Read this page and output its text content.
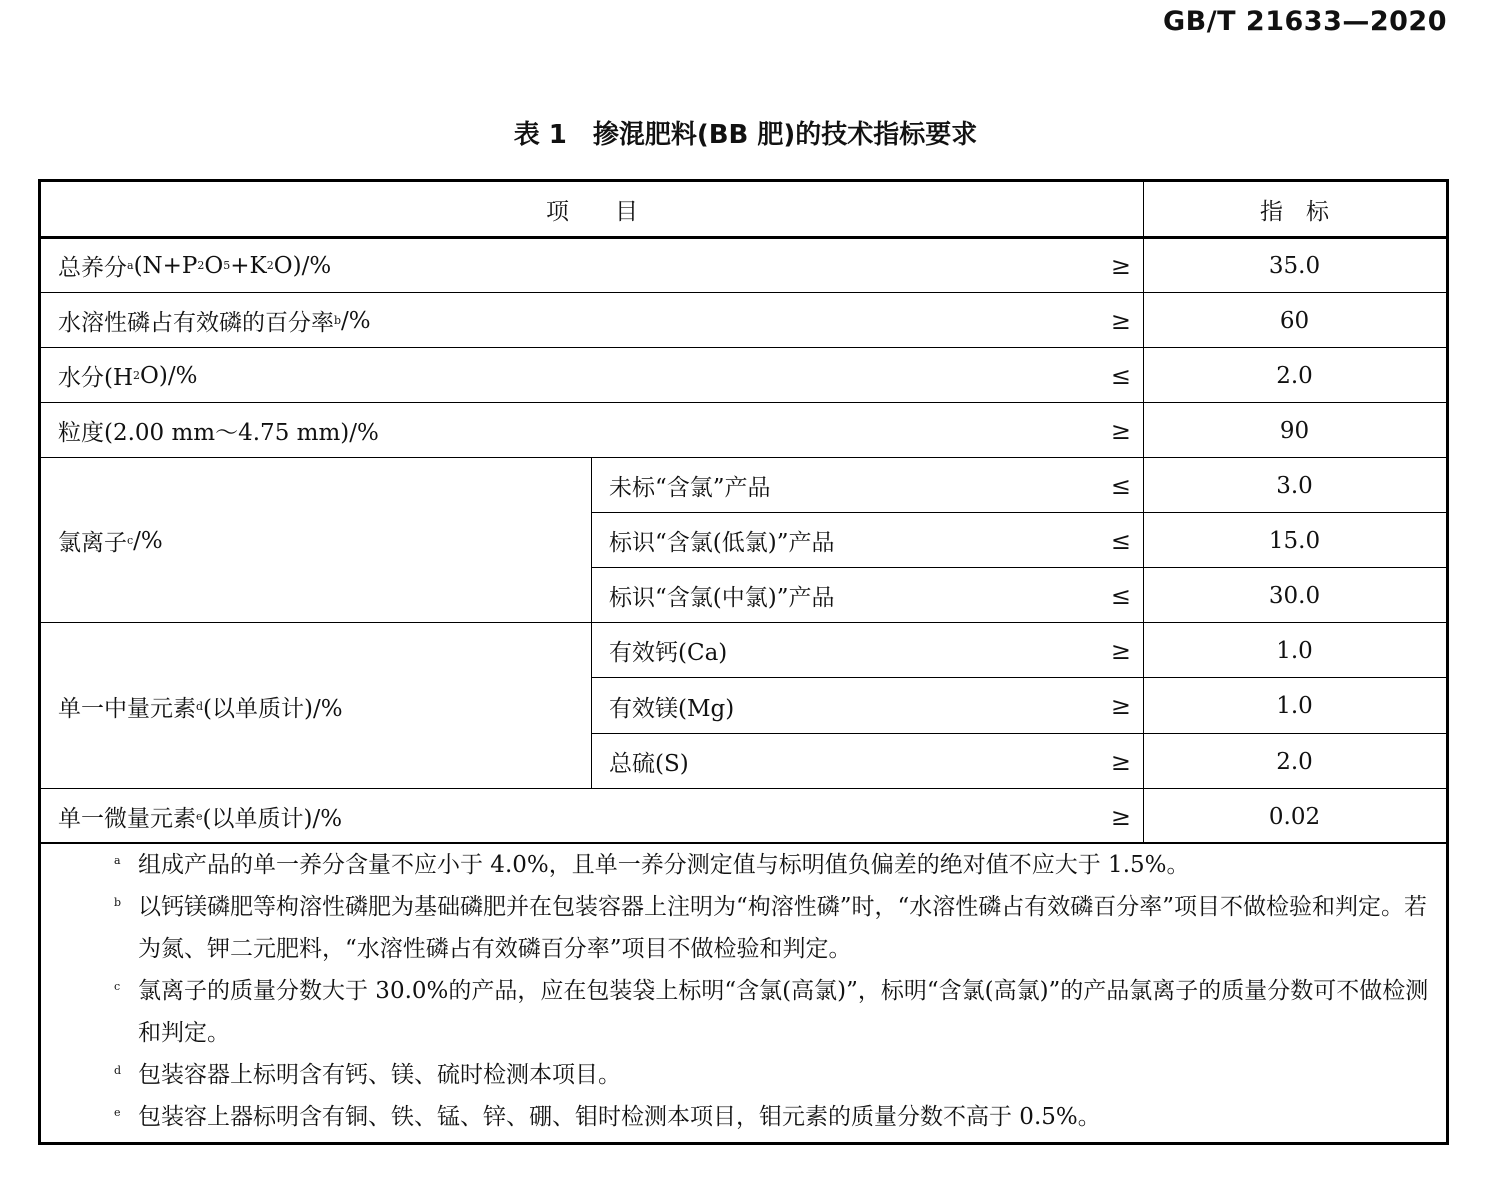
GB/T 21633—2020
表 1　掺混肥料(BB 肥)的技术指标要求
项　　目	指　标
总养分 a (N+P 2 O 5 +K 2 O)/%	≥	35.0
水溶性磷占有效磷的百分率 b /%	≥	60
水分(H 2 O)/%	≤	2.0
粒度(2.00 mm～4.75 mm)/%	≥	90
氯离子 c /%
未标“含氯”产品	≤	3.0
标识“含氯(低氯)”产品	≤	15.0
标识“含氯(中氯)”产品	≤	30.0
单一中量元素 d (以单质计)/%
有效钙(Ca)	≥	1.0
有效镁(Mg)	≥	1.0
总硫(S)	≥	2.0
单一微量元素 e (以单质计)/%	≥	0.02
a 组成产品的单一养分含量不应小于 4.0%，且单一养分测定值与标明值负偏差的绝对值不应大于 1.5%。
b 以钙镁磷肥等枸溶性磷肥为基础磷肥并在包装容器上注明为“枸溶性磷”时，“水溶性磷占有效磷百分率”项目不做检验和判定。若为氮、钾二元肥料，“水溶性磷占有效磷百分率”项目不做检验和判定。
c 氯离子的质量分数大于 30.0%的产品，应在包装袋上标明“含氯(高氯)”，标明“含氯(高氯)”的产品氯离子的质量分数可不做检测和判定。
d 包装容器上标明含有钙、镁、硫时检测本项目。
e 包装容上器标明含有铜、铁、锰、锌、硼、钼时检测本项目，钼元素的质量分数不高于 0.5%。
